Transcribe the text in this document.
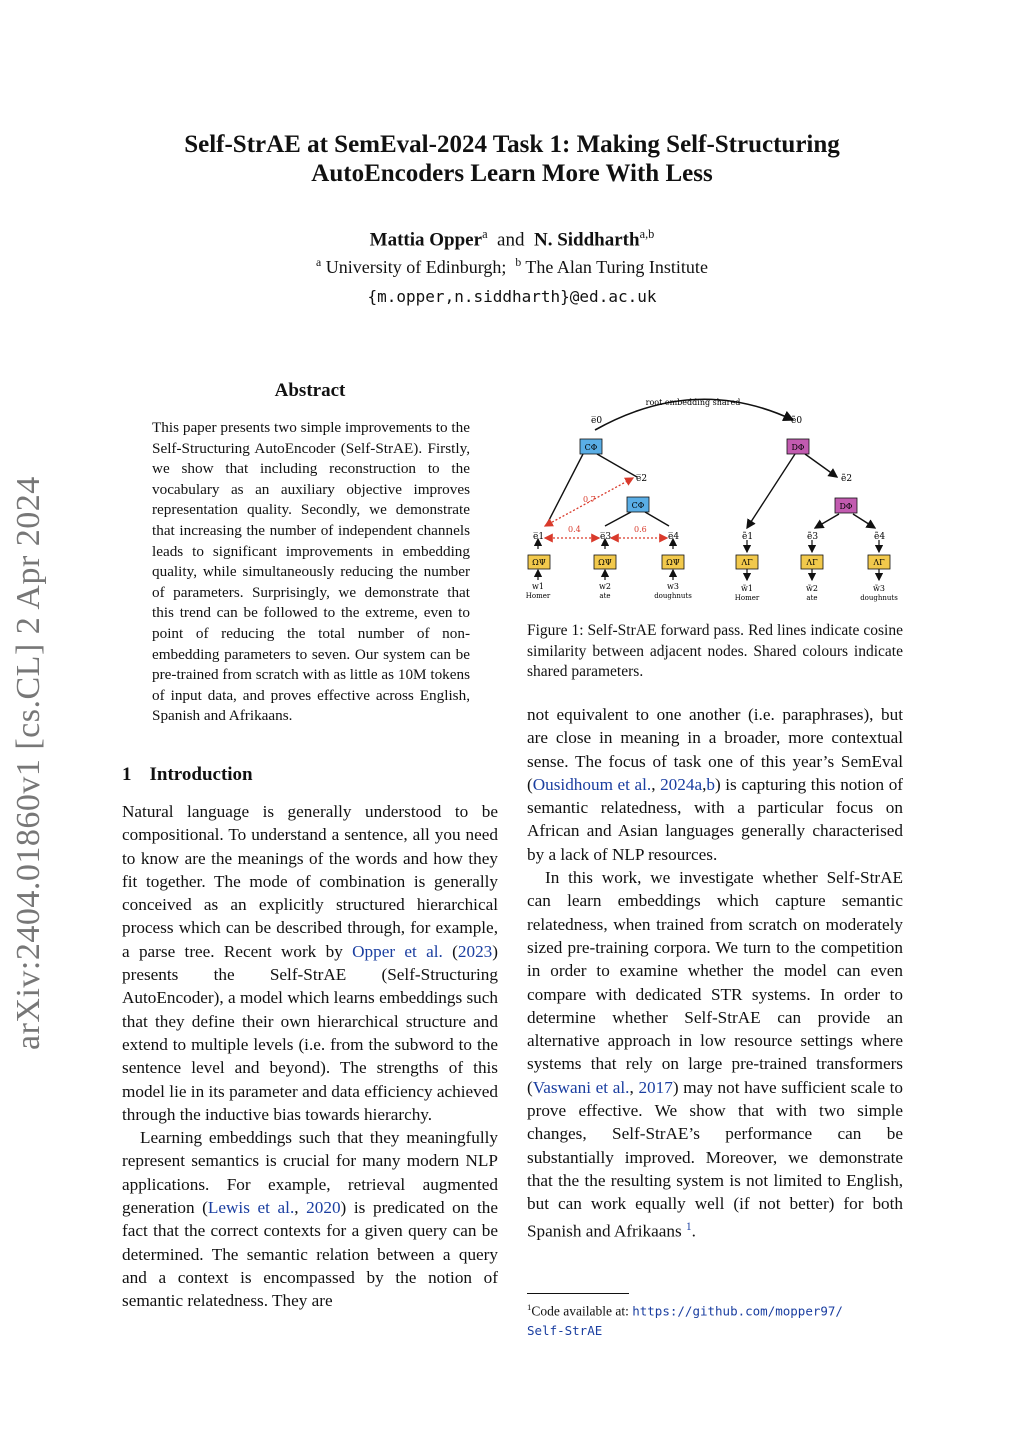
Self-StrAE at SemEval-2024 Task 1: Making Self-Structuring
AutoEncoders Learn More With Less
Mattia Opper$^a$ and N. Siddharth$^{a,b}$
$^a$ University of Edinburgh; $^b$ The Alan Turing Institute
{m.opper,n.siddharth}@ed.ac.uk
arXiv:2404.01860v1 [cs.CL] 2 Apr 2024
Abstract
This paper presents two simple improvements to the Self-Structuring AutoEncoder (Self-StrAE). Firstly, we show that including reconstruction to the vocabulary as an auxiliary objective improves representation quality. Secondly, we demonstrate that increasing the number of independent channels leads to significant improvements in embedding quality, while simultaneously reducing the number of parameters. Surprisingly, we demonstrate that this trend can be followed to the extreme, even to point of reducing the total number of non-embedding parameters to seven. Our system can be pre-trained from scratch with as little as 10M tokens of input data, and proves effective across English, Spanish and Afrikaans.
1 Introduction

Natural language is generally understood to be compositional. To understand a sentence, all you need to know are the meanings of the words and how they fit together. The mode of combination is generally conceived as an explicitly structured hierarchical process which can be described through, for example, a parse tree. Recent work by Opper et al. (2023) presents the Self-StrAE (Self-Structuring AutoEncoder), a model which learns embeddings such that they define their own hierarchical structure and extend to multiple levels (i.e. from the subword to the sentence level and beyond). The strengths of this model lie in its parameter and data efficiency achieved through the inductive bias towards hierarchy.

Learning embeddings such that they meaningfully represent semantics is crucial for many modern NLP applications. For example, retrieval augmented generation (Lewis et al., 2020) is predicated on the fact that the correct contexts for a given query can be determined. The semantic relation between a query and a context is encompassed by the notion of semantic relatedness. They are

root embedding shared
0.7
0.4	0.6
e̅0
CΦ
e̅2
CΦ
e̅1	e̅3	e̅4
ΩΨ	ΩΨ	ΩΨ
w1
Homer
w2
ate
w3
doughnuts
ẽ0
DΦ
ẽ2
DΦ
ẽ1	ẽ3	ẽ4
ΛΓ	ΛΓ	ΛΓ
w̃1
Homer
w̃2
ate
w̃3
doughnuts
Figure 1: Self-StrAE forward pass. Red lines indicate cosine similarity between adjacent nodes. Shared colours indicate shared parameters.

not equivalent to one another (i.e. paraphrases), but are close in meaning in a broader, more contextual sense. The focus of task one of this year’s SemEval (Ousidhoum et al., 2024a,b) is capturing this notion of semantic relatedness, with a particular focus on African and Asian languages generally characterised by a lack of NLP resources.

In this work, we investigate whether Self-StrAE can learn embeddings which capture semantic relatedness, when trained from scratch on moderately sized pre-training corpora. We turn to the competition in order to examine whether the model can even compare with dedicated STR systems. In order to determine whether Self-StrAE can provide an alternative approach in low resource settings where systems that rely on large pre-trained transformers (Vaswani et al., 2017) may not have sufficient scale to prove effective. We show that with two simple changes, Self-StrAE’s performance can be substantially improved. Moreover, we demonstrate that the the resulting system is not limited to English, but can work equally well (if not better) for both Spanish and Afrikaans $^1$.

$^1$Code available at: https://github.com/mopper97/
Self-StrAE
